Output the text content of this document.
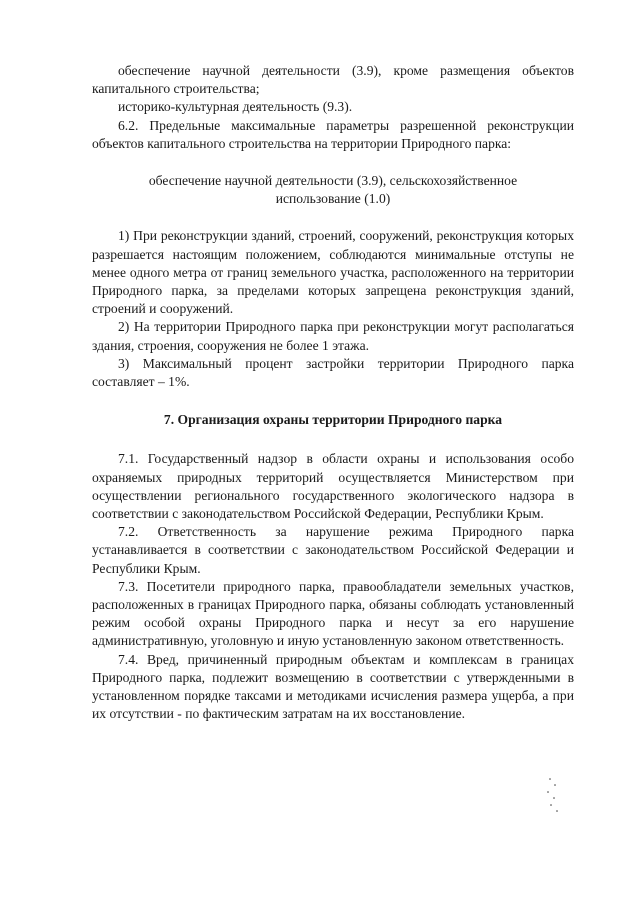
обеспечение научной деятельности (3.9), кроме размещения объектов капитального строительства;

историко-культурная деятельность (9.3).

6.2. Предельные максимальные параметры разрешенной реконструкции объектов капитального строительства на территории Природного парка:

обеспечение научной деятельности (3.9), сельскохозяйственное использование (1.0)

1) При реконструкции зданий, строений, сооружений, реконструкция которых разрешается настоящим положением, соблюдаются минимальные отступы не менее одного метра от границ земельного участка, расположенного на территории Природного парка, за пределами которых запрещена реконструкция зданий, строений и сооружений.

2) На территории Природного парка при реконструкции могут располагаться здания, строения, сооружения не более 1 этажа.

3) Максимальный процент застройки территории Природного парка составляет – 1%.

7. Организация охраны территории Природного парка

7.1. Государственный надзор в области охраны и использования особо охраняемых природных территорий осуществляется Министерством при осуществлении регионального государственного экологического надзора в соответствии с законодательством Российской Федерации, Республики Крым.

7.2. Ответственность за нарушение режима Природного парка устанавливается в соответствии с законодательством Российской Федерации и Республики Крым.

7.3. Посетители природного парка, правообладатели земельных участков, расположенных в границах Природного парка, обязаны соблюдать установленный режим особой охраны Природного парка и несут за его нарушение административную, уголовную и иную установленную законом ответственность.

7.4. Вред, причиненный природным объектам и комплексам в границах Природного парка, подлежит возмещению в соответствии с утвержденными в установленном порядке таксами и методиками исчисления размера ущерба, а при их отсутствии - по фактическим затратам на их восстановление.
